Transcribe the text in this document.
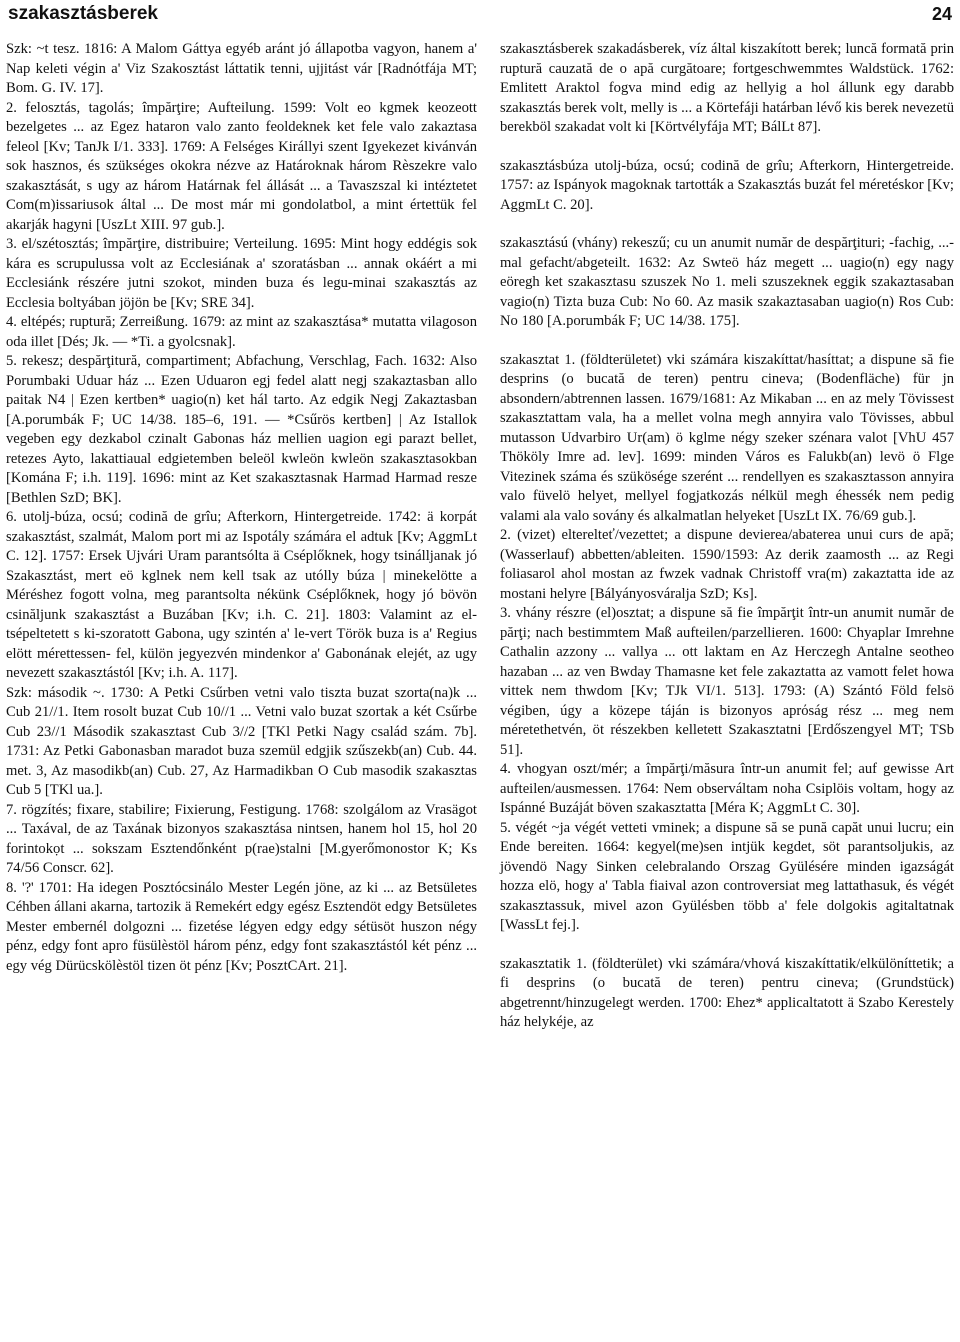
szakasztásberek	24

Szk: ~t tesz. 1816: A Malom Gáttya egyéb aránt jó állapotba vagyon, hanem a' Nap keleti végin a' Viz Szakosztást láttatik tenni, ujjitást vár [Radnótfája MT; Bom. G. IV. 17].

2. felosztás, tagolás; împărţire; Aufteilung. 1599: Volt eo kgmek keozeott bezelgetes ... az Egez hataron valo zanto feoldeknek ket fele valo zakaztasa feleol [Kv; TanJk I/1. 333]. 1769: A Felséges Királlyi szent Igyekezet kivánván sok hasznos, és szükséges okokra nézve az Határoknak három Rèszekre valo szakasztását, s ugy az három Határnak fel állását ... a Tavaszszal ki intéztetet Com(m)issariusok által ... De most már mi gondolatbol, a mint értettük fel akarják hagyni [UszLt XIII. 97 gub.].

3. el/szétosztás; împărţire, distribuire; Verteilung. 1695: Mint hogy eddégis sok kára es scrupulussa volt az Ecclesiának a' szoratásban ... annak okáért a mi Ecclesiánk részére jutni szokot, minden buza és legu-minai szakasztás az Ecclesia boltyában jöjön be [Kv; SRE 34].

4. eltépés; ruptură; Zerreißung. 1679: az mint az szakasztása* mutatta vilagoson oda illet [Dés; Jk. — *Ti. a gyolcsnak].

5. rekesz; despărţitură, compartiment; Abfachung, Verschlag, Fach. 1632: Also Porumbaki Uduar ház ... Ezen Uduaron egj fedel alatt negj szakaztasban allo paitak N4 | Ezen kertben* uagio(n) ket hál tarto. Az edgik Negj Zakaztasban [A.porumbák F; UC 14/38. 185–6, 191. — *Csűrös kertben] | Az Istallok vegeben egy dezkabol czinalt Gabonas ház mellien uagion egi parazt bellet, retezes Ayto, lakattiaual edgietemben beleöl kwleön kwleön szakasztasokban [Komána F; i.h. 119]. 1696: mint az Ket szakasztasnak Harmad Harmad resze [Bethlen SzD; BK].

6. utolj-búza, ocsú; codină de grîu; Afterkorn, Hintergetreide. 1742: ä korpát szakasztást, szalmát, Malom port mi az Ispotály számára el adtuk [Kv; AggmLt C. 12]. 1757: Ersek Ujvári Uram parantsólta ä Cséplőknek, hogy tsinálljanak jó Szakasztást, mert eö kglnek nem kell tsak az utólly búza | minekelötte a Méréshez fogott volna, meg parantsolta nékünk Cséplőknek, hogy jó bövön csinăljunk szakasztást a Buzában [Kv; i.h. C. 21]. 1803: Valamint az el-tsépeltetett s ki-szoratott Gabona, ugy szintén a' le-vert Török buza is a' Regius elött mérettessen- fel, külön jegyezvén mindenkor a' Gabonának elejét, az ugy nevezett szakasztástól [Kv; i.h. A. 117].

Szk: második ~. 1730: A Petki Csűrben vetni valo tiszta buzat szorta(na)k ... Cub 21//1. Item rosolt buzat Cub 10//1 ... Vetni valo buzat szortak a két Csűrbe Cub 23//1 Második szakasztast Cub 3//2 [TKl Petki Nagy család szám. 7b]. 1731: Az Petki Gabonasban maradot buza szemül edgjik szűszekb(an) Cub. 44. met. 3, Az masodikb(an) Cub. 27, Az Harmadikban O Cub masodik szakasztas Cub 5 [TKl ua.].

7. rögzítés; fixare, stabilire; Fixierung, Festigung. 1768: szolgálom az Vrasägot ... Taxával, de az Taxának bizonyos szakasztása nintsen, hanem hol 15, hol 20 forintokọt ... sokszam Esztendőnként p(rae)stalni [M.gyerőmonostor K; Ks 74/56 Conscr. 62].

8. '?' 1701: Ha idegen Posztócsinálo Mester Legén jöne, az ki ... az Betsületes Céhben állani akarna, tartozik ä Remekért edgy egész Esztendöt edgy Betsületes Mester embernél dolgozni ... fizetése légyen edgy edgy sétüsöt huszon négy pénz, edgy font apro füsülèstöl három pénz, edgy font szakasztástól két pénz ... egy vég Dürücskölèstöl tizen öt pénz [Kv; PosztCArt. 21].

szakasztásberek szakadásberek, víz által kiszakított berek; luncă formată prin ruptură cauzată de o apă curgătoare; fortgeschwemmtes Waldstück. 1762: Emlitett Araktol fogva mind edig az hellyig a hol állunk egy darabb szakasztás berek volt, melly is ... a Körtefáji határban lévő kis berek nevezetü berekböl szakadat volt ki [Körtvélyfája MT; BálLt 87].

szakasztásbúza utolj-búza, ocsú; codină de grîu; Afterkorn, Hintergetreide. 1757: az Ispányok magoknak tartották a Szakasztás buzát fel méretéskor [Kv; AggmLt C. 20].

szakasztású (vhány) rekeszű; cu un anumit număr de despărţituri; -fachig, ...-mal gefacht/abgeteilt. 1632: Az Swteö ház megett ... uagio(n) egy nagy eöregh ket szakasztasu szuszek No 1. meli szuszeknek eggik szakaztasaban vagio(n) Tizta buza Cub: No 60. Az masik szakaztasaban uagio(n) Ros Cub: No 180 [A.porumbák F; UC 14/38. 175].

szakasztat 1. (földterületet) vki számára kiszakíttat/hasíttat; a dispune să fie desprins (o bucată de teren) pentru cineva; (Bodenfläche) für jn absondern/abtrennen lassen. 1679/1681: Az Mikaban ... en az mely Tövissest szakasztattam vala, ha a mellet volna megh annyira valo Tövisses, abbul mutasson Udvarbiro Ur(am) ö kglme négy szeker szénara valot [VhU 457 Thököly Imre ad. lev]. 1699: minden Város es Falukb(an) levö ö Flge Vitezinek száma és szükösége szerént ... rendellyen es szakasztasson annyira valo füvelö helyet, mellyel fogjatkozás nélkül megh éhessék nem pedig valami ala valo sovány és alkalmatlan helyeket [UszLt IX. 76/69 gub.].

2. (vizet) elterelteť/vezettet; a dispune devierea/abaterea unui curs de apă; (Wasserlauf) abbetten/ableiten. 1590/1593: Az derik zaamosth ... az Regi foliasarol ahol mostan az fwzek vadnak Christoff vra(m) zakaztatta ide az mostani helyre [Bályányosváralja SzD; Ks].

3. vhány részre (el)osztat; a dispune să fie împărţit într-un anumit număr de părţi; nach bestimmtem Maß aufteilen/parzellieren. 1600: Chyaplar Imrehne Cathalin azzony ... vallya ... ott laktam en Az Herczegh Antalne seotheo hazaban ... az ven Bwday Thamasne ket fele zakaztatta az vamott felet howa vittek nem thwdom [Kv; TJk VI/1. 513]. 1793: (A) Szántó Föld felsö végiben, úgy a közepe táján is bizonyos aprόság rész ... meg nem méretethetvén, öt részekben kelletett Szakasztatni [Erdőszengyel MT; TSb 51].

4. vhogyan oszt/mér; a împărţi/măsura într-un anumit fel; auf gewisse Art aufteilen/ausmessen. 1764: Nem observáltam noha Csiplöis voltam, hogy az Ispánné Buzáját böven szakasztatta [Méra K; AggmLt C. 30].

5. végét ~ja végét vetteti vminek; a dispune să se pună capăt unui lucru; ein Ende bereiten. 1664: kegyel(me)sen intjük kegdet, söt parantsoljukis, az jövendö Nagy Sinken celebralando Orszag Gyülésére minden igazságát hozza elö, hogy a' Tabla fiaival azon controversiat meg lattathasuk, és végét szakasztassuk, mivel azon Gyülésben több a' fele dolgokis agitaltatnak [WassLt fej.].

szakasztatik 1. (földterület) vki számára/vhová kiszakíttatik/elkülöníttetik; a fi desprins (o bucată de teren) pentru cineva; (Grundstück) abgetrennt/hinzugelegt werden. 1700: Ehez* applicaltatott ä Szabo Kerestely ház helykéje, az
